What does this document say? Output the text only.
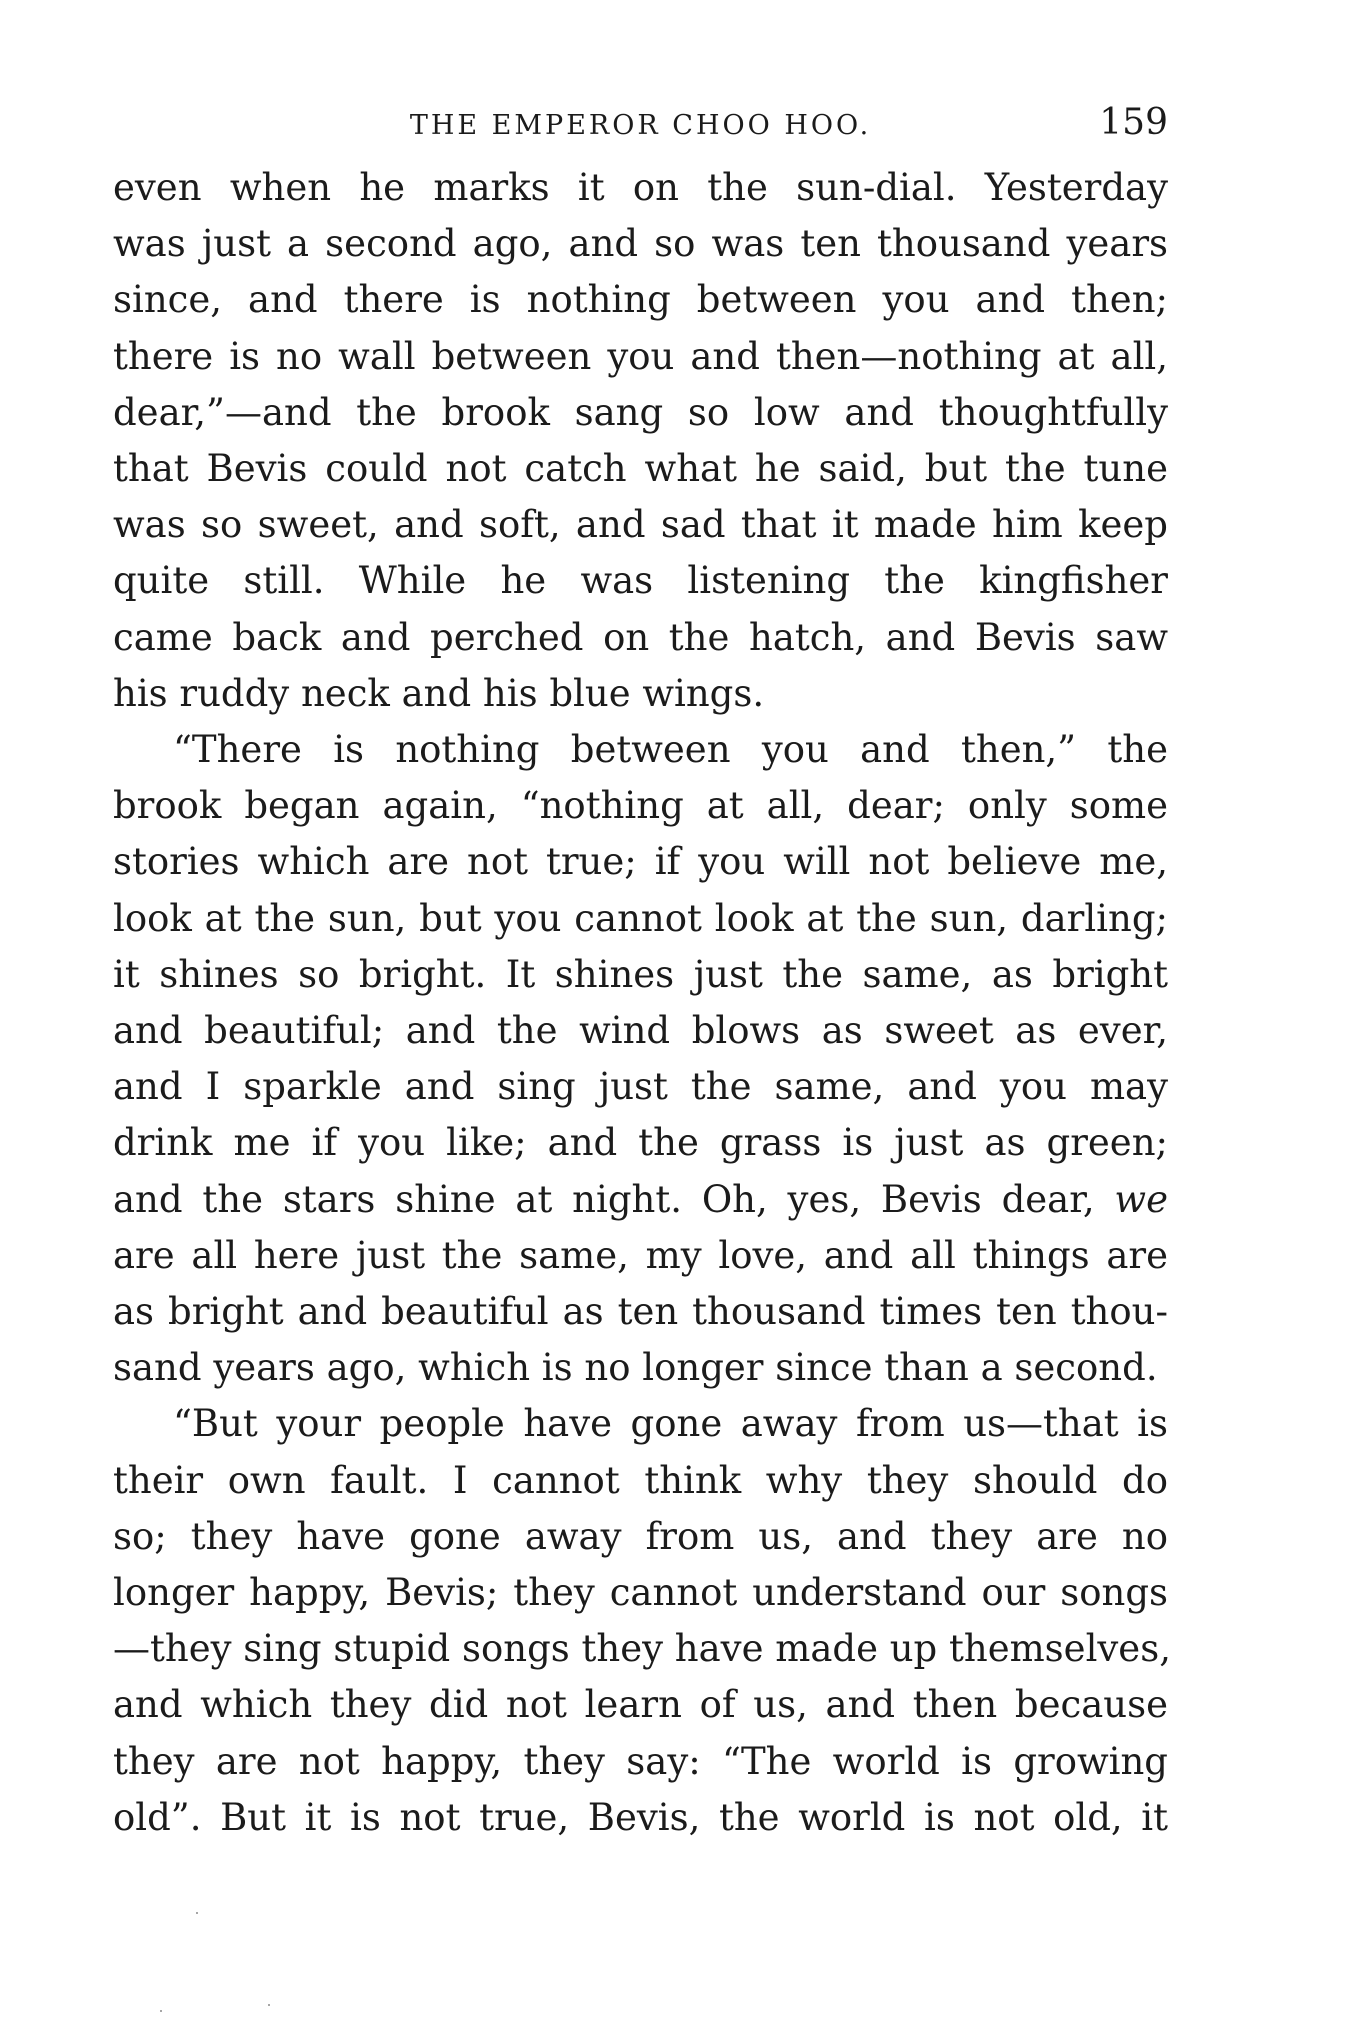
THE EMPEROR CHOO HOO.	159

even when he marks it on the sun-dial. Yesterday
was just a second ago, and so was ten thousand years
since, and there is nothing between you and then;
there is no wall between you and then—nothing at all,
dear,”—and the brook sang so low and thoughtfully
that Bevis could not catch what he said, but the tune
was so sweet, and soft, and sad that it made him keep
quite still. While he was listening the kingfisher
came back and perched on the hatch, and Bevis saw
his ruddy neck and his blue wings.

“There is nothing between you and then,” the
brook began again, “nothing at all, dear; only some
stories which are not true; if you will not believe me,
look at the sun, but you cannot look at the sun, darling;
it shines so bright. It shines just the same, as bright
and beautiful; and the wind blows as sweet as ever,
and I sparkle and sing just the same, and you may
drink me if you like; and the grass is just as green;
and the stars shine at night. Oh, yes, Bevis dear, we
are all here just the same, my love, and all things are
as bright and beautiful as ten thousand times ten thou-
sand years ago, which is no longer since than a second.

“But your people have gone away from us—that is
their own fault. I cannot think why they should do
so; they have gone away from us, and they are no
longer happy, Bevis; they cannot understand our songs
—they sing stupid songs they have made up themselves,
and which they did not learn of us, and then because
they are not happy, they say: “The world is growing
old”. But it is not true, Bevis, the world is not old, it
